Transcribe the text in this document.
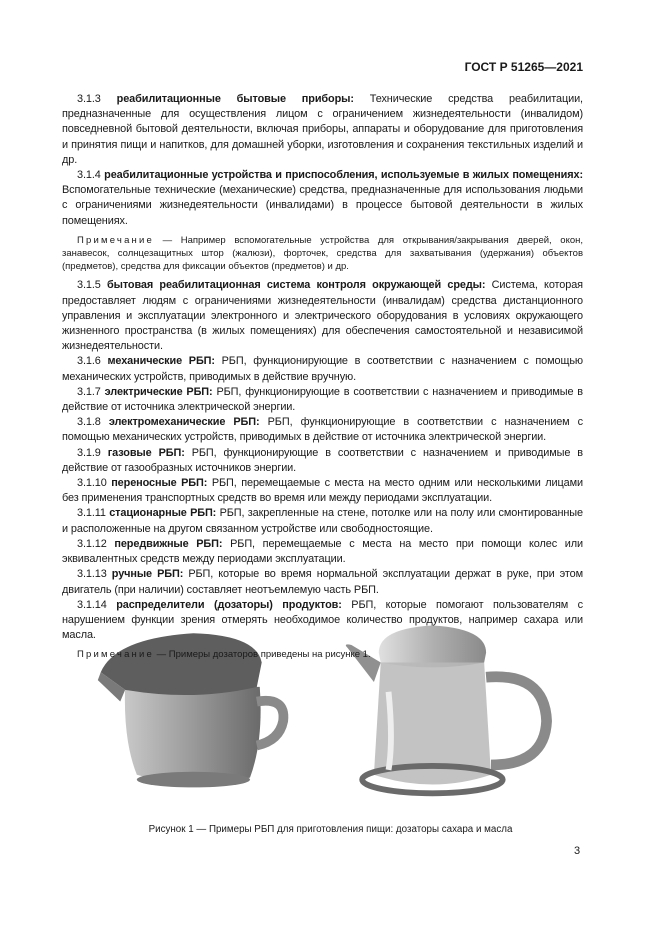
ГОСТ Р 51265—2021

3.1.3 реабилитационные бытовые приборы: Технические средства реабилитации, предназначенные для осуществления лицом с ограничением жизнедеятельности (инвалидом) повседневной бытовой деятельности, включая приборы, аппараты и оборудование для приготовления и принятия пищи и напитков, для домашней уборки, изготовления и сохранения текстильных изделий и др.

3.1.4 реабилитационные устройства и приспособления, используемые в жилых помещениях: Вспомогательные технические (механические) средства, предназначенные для использования людьми с ограничениями жизнедеятельности (инвалидами) в процессе бытовой деятельности в жилых помещениях.

Примечание — Например вспомогательные устройства для открывания/закрывания дверей, окон, занавесок, солнцезащитных штор (жалюзи), форточек, средства для захватывания (удержания) объектов (предметов), средства для фиксации объектов (предметов) и др.

3.1.5 бытовая реабилитационная система контроля окружающей среды: Система, которая предоставляет людям с ограничениями жизнедеятельности (инвалидам) средства дистанционного управления и эксплуатации электронного и электрического оборудования в условиях окружающего жизненного пространства (в жилых помещениях) для обеспечения самостоятельной и независимой жизнедеятельности.

3.1.6 механические РБП: РБП, функционирующие в соответствии с назначением с помощью механических устройств, приводимых в действие вручную.

3.1.7 электрические РБП: РБП, функционирующие в соответствии с назначением и приводимые в действие от источника электрической энергии.

3.1.8 электромеханические РБП: РБП, функционирующие в соответствии с назначением с помощью механических устройств, приводимых в действие от источника электрической энергии.

3.1.9 газовые РБП: РБП, функционирующие в соответствии с назначением и приводимые в действие от газообразных источников энергии.

3.1.10 переносные РБП: РБП, перемещаемые с места на место одним или несколькими лицами без применения транспортных средств во время или между периодами эксплуатации.

3.1.11 стационарные РБП: РБП, закрепленные на стене, потолке или на полу или смонтированные и расположенные на другом связанном устройстве или свободностоящие.

3.1.12 передвижные РБП: РБП, перемещаемые с места на место при помощи колес или эквивалентных средств между периодами эксплуатации.

3.1.13 ручные РБП: РБП, которые во время нормальной эксплуатации держат в руке, при этом двигатель (при наличии) составляет неотъемлемую часть РБП.

3.1.14 распределители (дозаторы) продуктов: РБП, которые помогают пользователям с нарушением функции зрения отмерять необходимое количество продуктов, например сахара или масла.

Примечание — Примеры дозаторов приведены на рисунке 1.

Рисунок 1 — Примеры РБП для приготовления пищи: дозаторы сахара и масла
3
